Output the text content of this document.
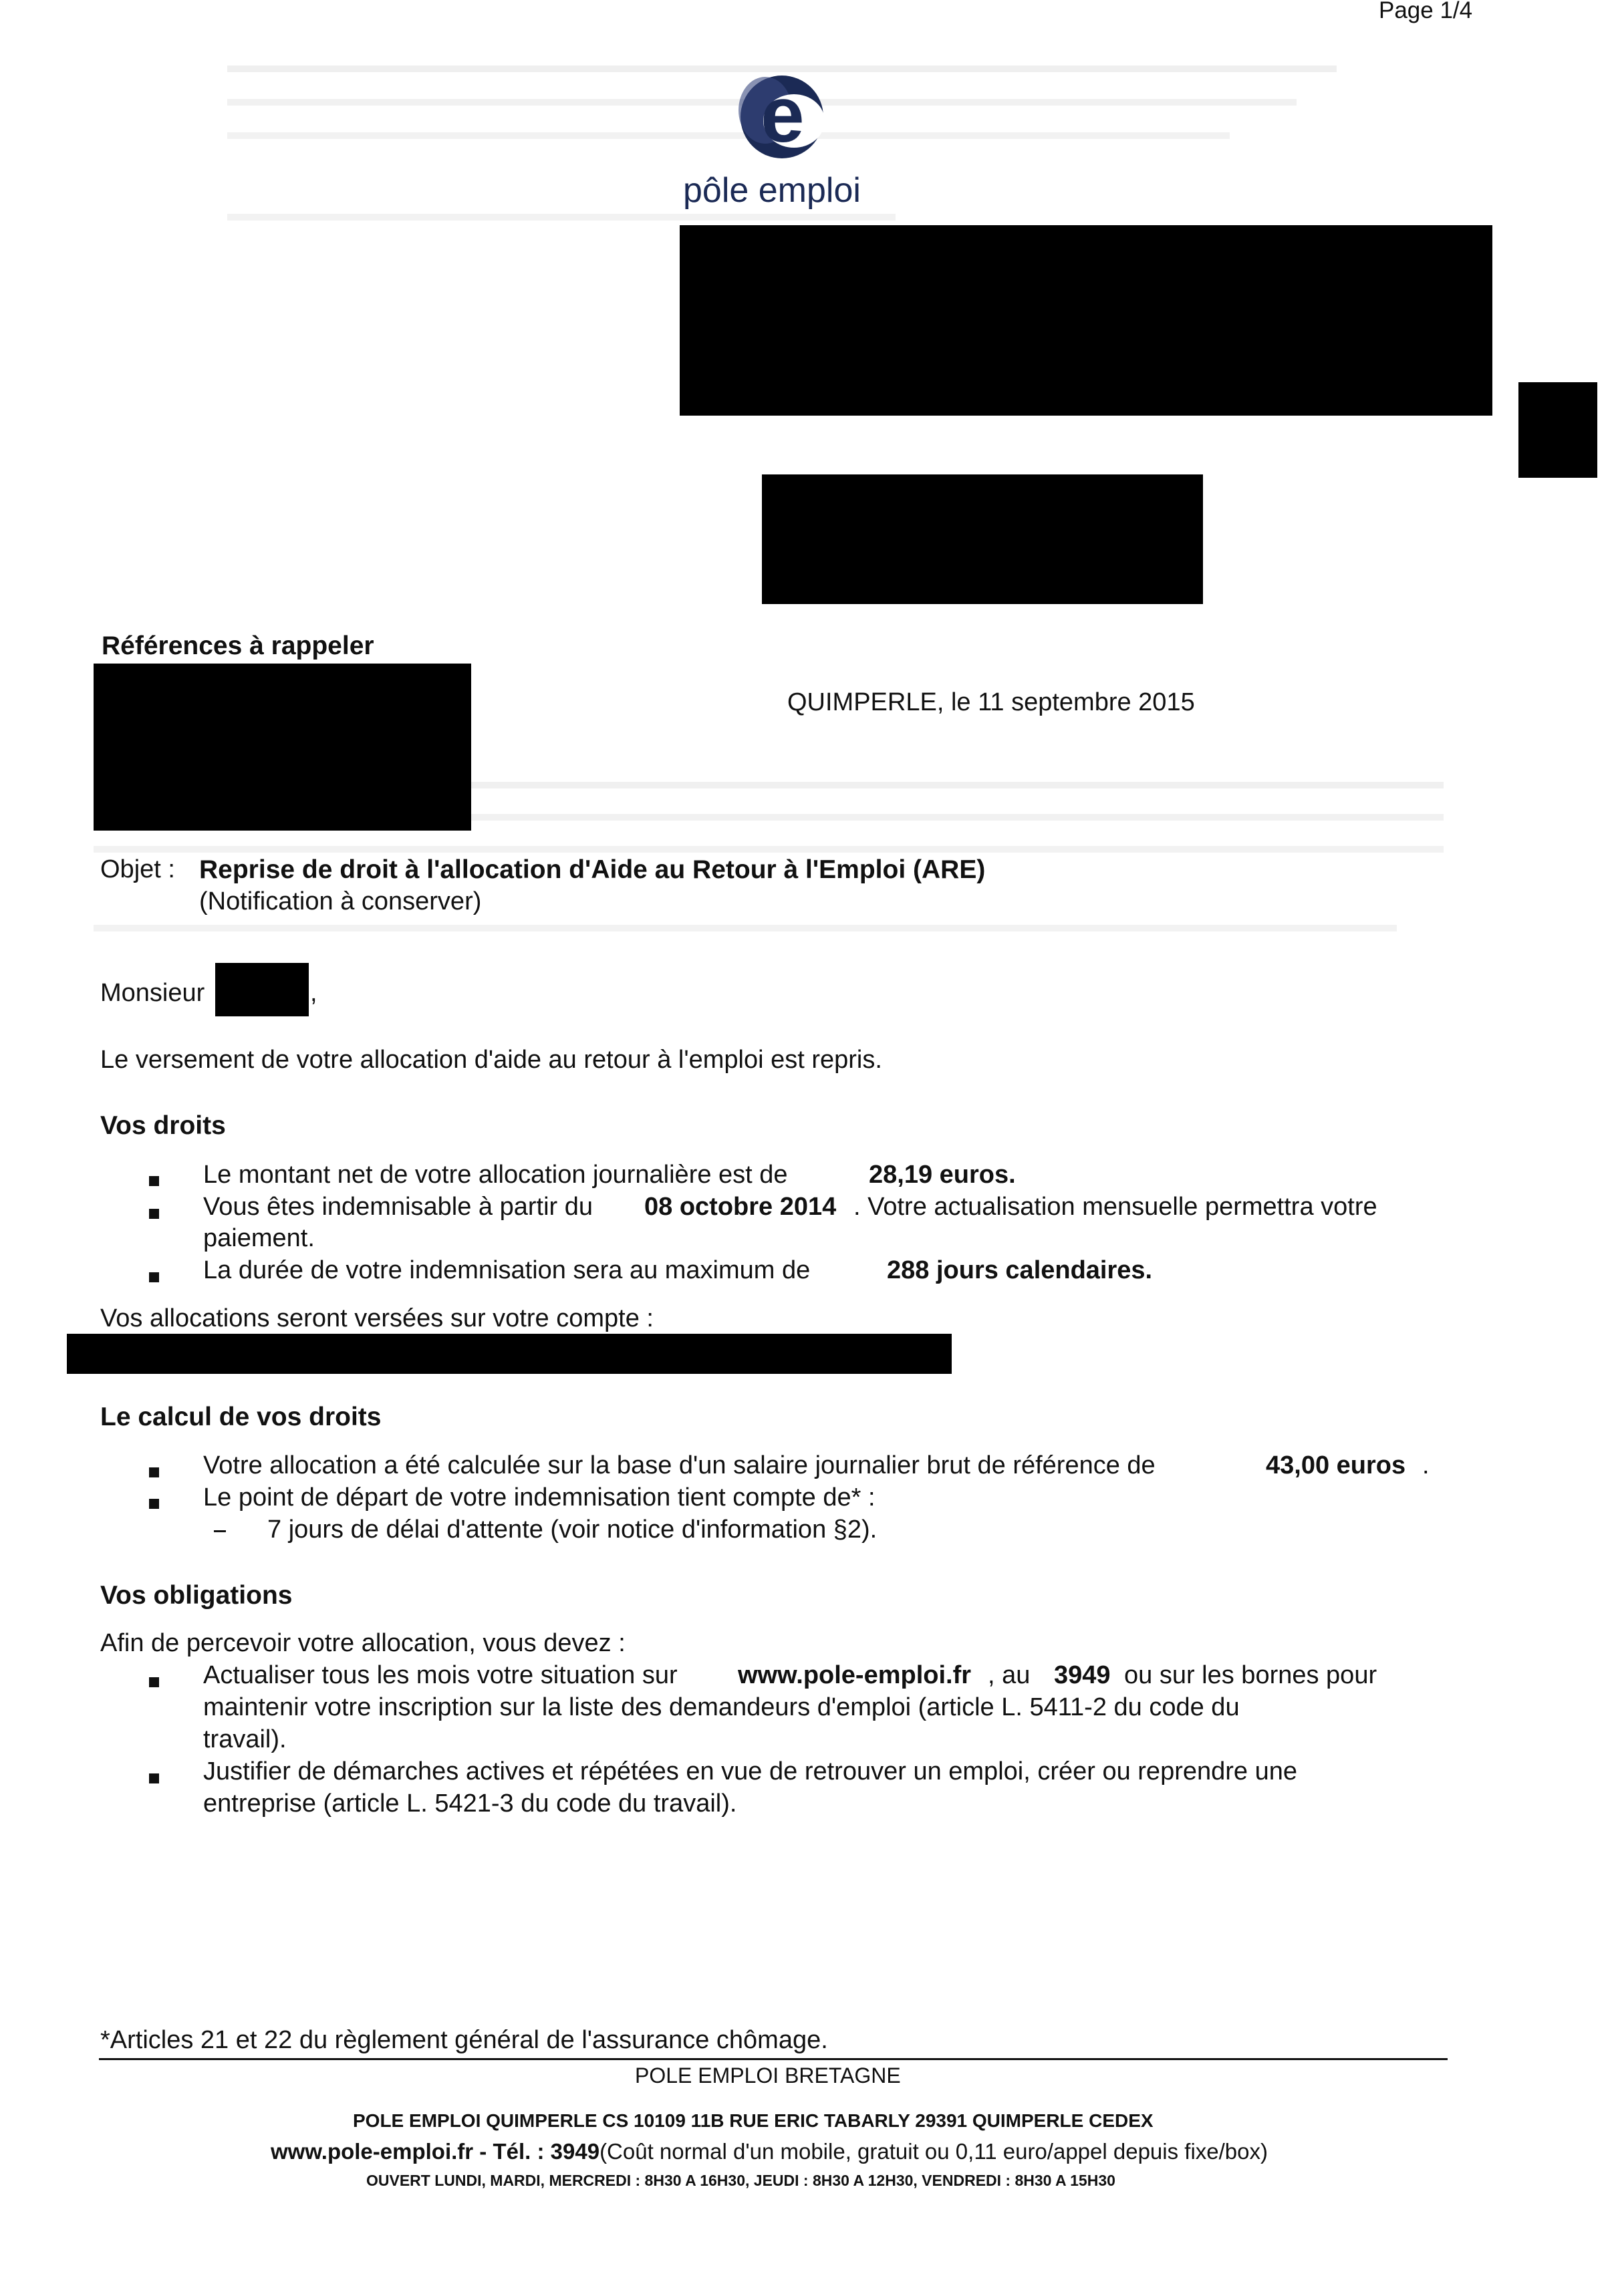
Page 1/4
e
pôle emploi
Références à rappeler
QUIMPERLE, le 11 septembre 2015
Objet : Reprise de droit à l'allocation d'Aide au Retour à l'Emploi (ARE)
(Notification à conserver)
Monsieur	,
Le versement de votre allocation d'aide au retour à l'emploi est repris.
Vos droits
Le montant net de votre allocation journalière est de	28,19 euros.
Vous êtes indemnisable à partir du 08 octobre 2014 . Votre actualisation mensuelle permettra votre
paiement.
La durée de votre indemnisation sera au maximum de	288 jours calendaires.
Vos allocations seront versées sur votre compte :
Le calcul de vos droits
Votre allocation a été calculée sur la base d'un salaire journalier brut de référence de	43,00 euros .
Le point de départ de votre indemnisation tient compte de* :
7 jours de délai d'attente (voir notice d'information §2).
Vos obligations
Afin de percevoir votre allocation, vous devez :
Actualiser tous les mois votre situation sur www.pole-emploi.fr , au 3949 ou sur les bornes pour
maintenir votre inscription sur la liste des demandeurs d'emploi (article L. 5411-2 du code du
travail).
Justifier de démarches actives et répétées en vue de retrouver un emploi, créer ou reprendre une
entreprise (article L. 5421-3 du code du travail).
*Articles 21 et 22 du règlement général de l'assurance chômage.
POLE EMPLOI BRETAGNE
POLE EMPLOI QUIMPERLE CS 10109 11B RUE ERIC TABARLY 29391 QUIMPERLE CEDEX
www.pole-emploi.fr - Tél. : 3949(Coût normal d'un mobile, gratuit ou 0,11 euro/appel depuis fixe/box)
OUVERT LUNDI, MARDI, MERCREDI : 8H30 A 16H30, JEUDI : 8H30 A 12H30, VENDREDI : 8H30 A 15H30
